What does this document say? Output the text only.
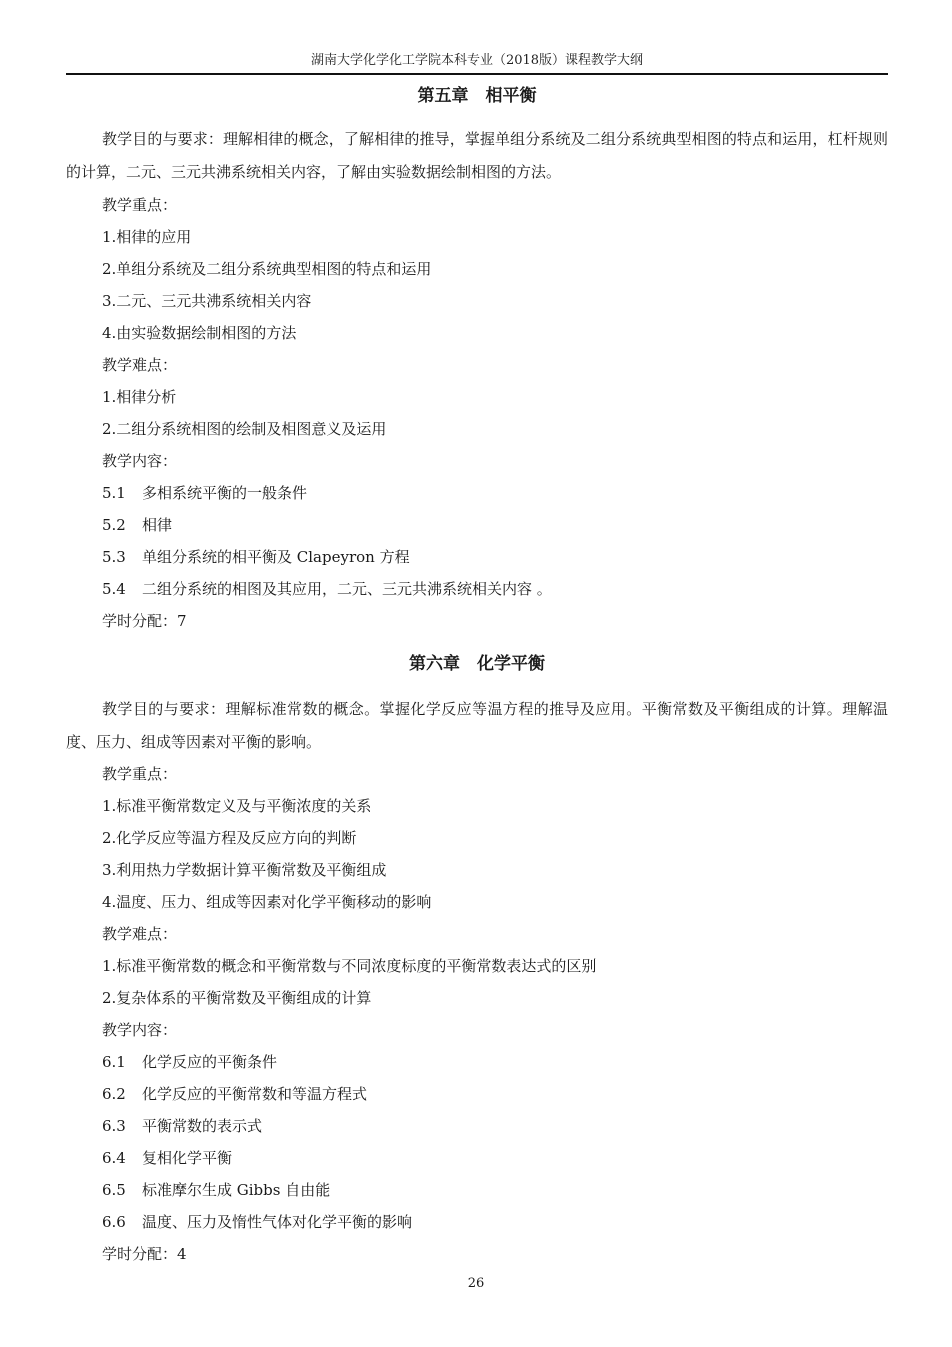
湖南大学化学化工学院本科专业（2018版）课程教学大纲
第五章　相平衡
教学目的与要求：理解相律的概念，了解相律的推导，掌握单组分系统及二组分系统典型相图的特点和运用，杠杆规则的计算，二元、三元共沸系统相关内容，了解由实验数据绘制相图的方法。
教学重点：
1.相律的应用
2.单组分系统及二组分系统典型相图的特点和运用
3.二元、三元共沸系统相关内容
4.由实验数据绘制相图的方法
教学难点：
1.相律分析
2.二组分系统相图的绘制及相图意义及运用
教学内容：
5.1 多相系统平衡的一般条件
5.2 相律
5.3 单组分系统的相平衡及 Clapeyron 方程
5.4 二组分系统的相图及其应用，二元、三元共沸系统相关内容 。
学时分配：7
第六章　化学平衡
教学目的与要求：理解标准常数的概念。掌握化学反应等温方程的推导及应用。平衡常数及平衡组成的计算。理解温度、压力、组成等因素对平衡的影响。
教学重点：
1.标准平衡常数定义及与平衡浓度的关系
2.化学反应等温方程及反应方向的判断
3.利用热力学数据计算平衡常数及平衡组成
4.温度、压力、组成等因素对化学平衡移动的影响
教学难点：
1.标准平衡常数的概念和平衡常数与不同浓度标度的平衡常数表达式的区别
2.复杂体系的平衡常数及平衡组成的计算
教学内容：
6.1 化学反应的平衡条件
6.2 化学反应的平衡常数和等温方程式
6.3 平衡常数的表示式
6.4 复相化学平衡
6.5 标准摩尔生成 Gibbs 自由能
6.6 温度、压力及惰性气体对化学平衡的影响
学时分配：4
26
